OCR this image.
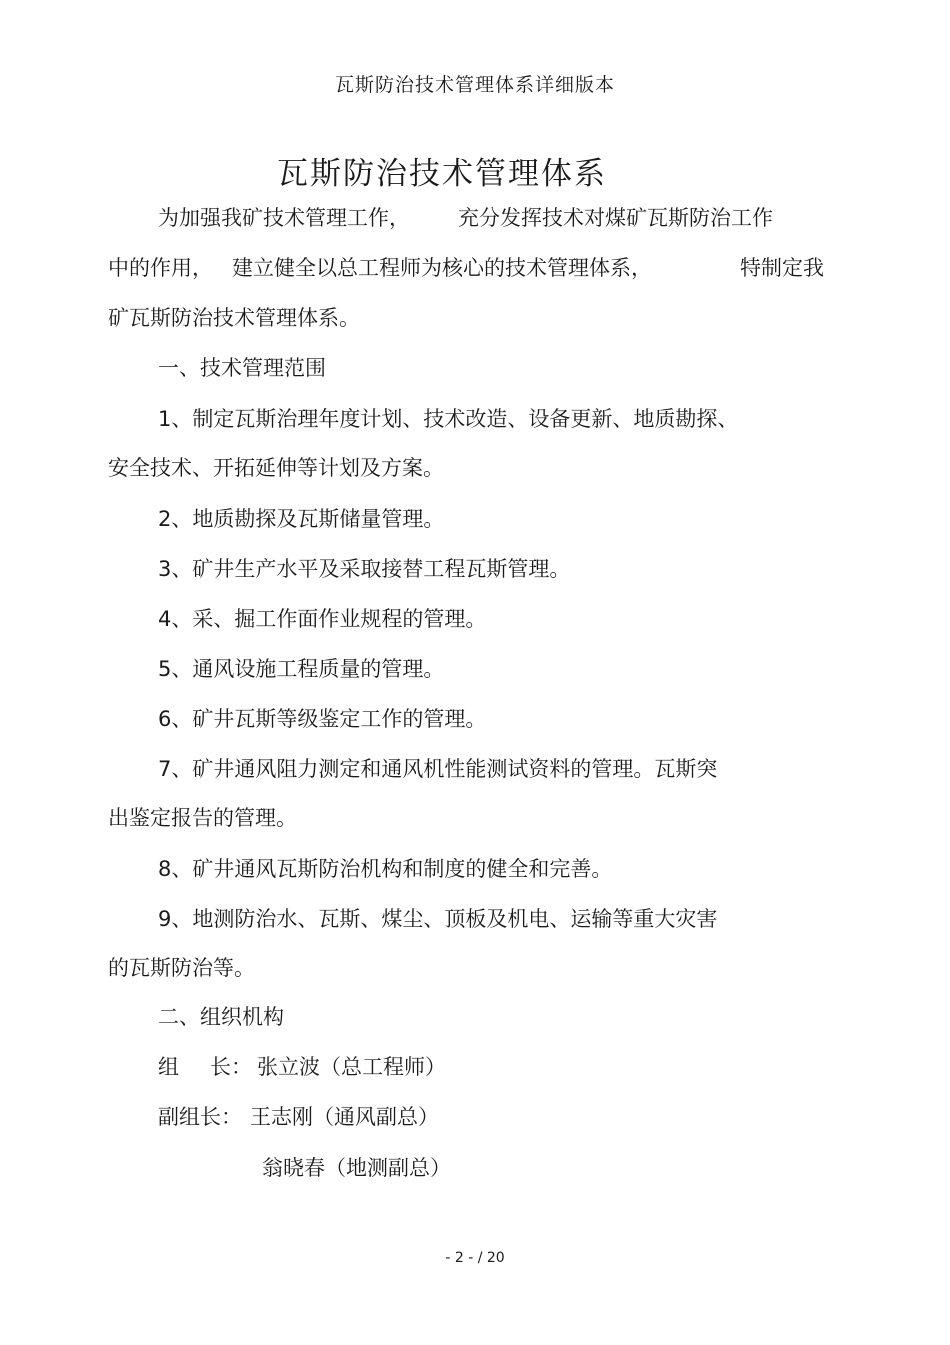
瓦斯防治技术管理体系详细版本
瓦斯防治技术管理体系
为加强我矿技术管理工作， 充分发挥技术对煤矿瓦斯防治工作
中的作用， 建立健全以总工程师为核心的技术管理体系，	特制定我
矿瓦斯防治技术管理体系。
一、技术管理范围
1、制定瓦斯治理年度计划、技术改造、设备更新、地质勘探、
安全技术、开拓延伸等计划及方案。
2、地质勘探及瓦斯储量管理。
3、矿井生产水平及采取接替工程瓦斯管理。
4、采、掘工作面作业规程的管理。
5、通风设施工程质量的管理。
6、矿井瓦斯等级鉴定工作的管理。
7、矿井通风阻力测定和通风机性能测试资料的管理。瓦斯突
出鉴定报告的管理。
8、矿井通风瓦斯防治机构和制度的健全和完善。
9、地测防治水、瓦斯、煤尘、顶板及机电、运输等重大灾害
的瓦斯防治等。
二、组织机构
组 长： 张立波（总工程师）
副组长： 王志刚（通风副总）
翁晓春（地测副总）
- 2 - / 20
